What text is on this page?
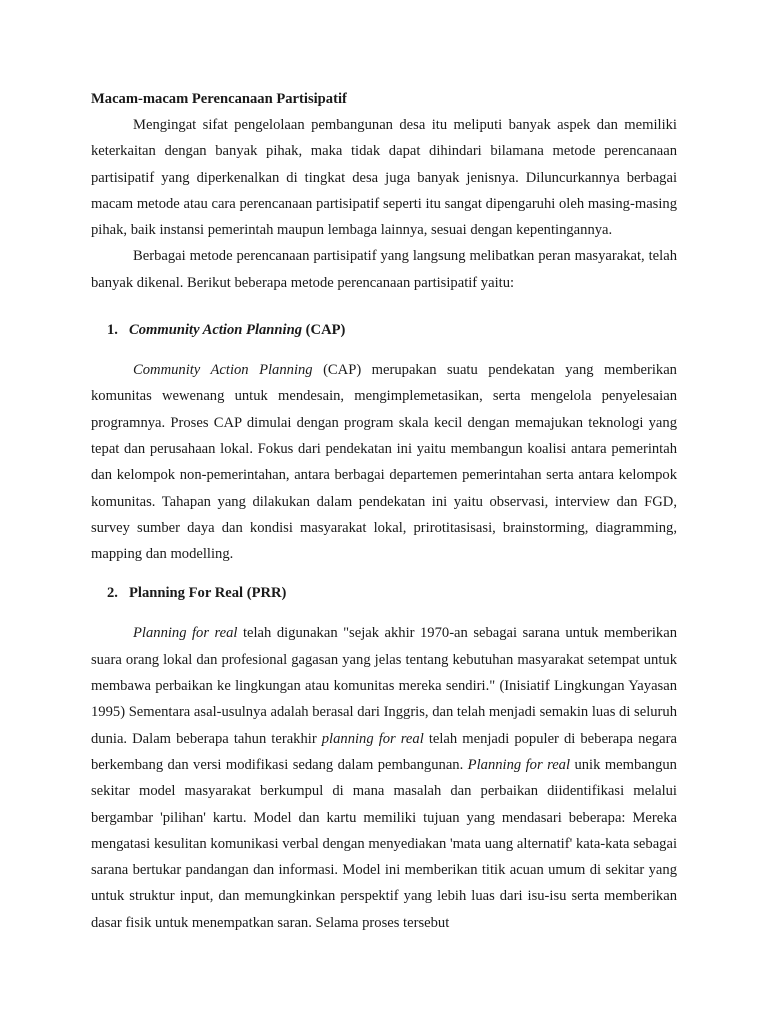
Macam-macam Perencanaan Partisipatif

Mengingat sifat pengelolaan pembangunan desa itu meliputi banyak aspek dan memiliki keterkaitan dengan banyak pihak, maka tidak dapat dihindari bilamana metode perencanaan partisipatif yang diperkenalkan di tingkat desa juga banyak jenisnya. Diluncurkannya berbagai macam metode atau cara perencanaan partisipatif seperti itu sangat dipengaruhi oleh masing-masing pihak, baik instansi pemerintah maupun lembaga lainnya, sesuai dengan kepentingannya.

Berbagai metode perencanaan partisipatif yang langsung melibatkan peran masyarakat, telah banyak dikenal. Berikut beberapa metode perencanaan partisipatif yaitu:

1. Community Action Planning (CAP)

Community Action Planning (CAP) merupakan suatu pendekatan yang memberikan komunitas wewenang untuk mendesain, mengimplemetasikan, serta mengelola penyelesaian programnya. Proses CAP dimulai dengan program skala kecil dengan memajukan teknologi yang tepat dan perusahaan lokal. Fokus dari pendekatan ini yaitu membangun koalisi antara pemerintah dan kelompok non-pemerintahan, antara berbagai departemen pemerintahan serta antara kelompok komunitas. Tahapan yang dilakukan dalam pendekatan ini yaitu observasi, interview dan FGD, survey sumber daya dan kondisi masyarakat lokal, prirotitasisasi, brainstorming, diagramming, mapping dan modelling.

2. Planning For Real (PRR)

Planning for real telah digunakan "sejak akhir 1970-an sebagai sarana untuk memberikan suara orang lokal dan profesional gagasan yang jelas tentang kebutuhan masyarakat setempat untuk membawa perbaikan ke lingkungan atau komunitas mereka sendiri." (Inisiatif Lingkungan Yayasan 1995) Sementara asal-usulnya adalah berasal dari Inggris, dan telah menjadi semakin luas di seluruh dunia. Dalam beberapa tahun terakhir planning for real telah menjadi populer di beberapa negara berkembang dan versi modifikasi sedang dalam pembangunan. Planning for real unik membangun sekitar model masyarakat berkumpul di mana masalah dan perbaikan diidentifikasi melalui bergambar 'pilihan' kartu. Model dan kartu memiliki tujuan yang mendasari beberapa: Mereka mengatasi kesulitan komunikasi verbal dengan menyediakan 'mata uang alternatif' kata-kata sebagai sarana bertukar pandangan dan informasi. Model ini memberikan titik acuan umum di sekitar yang untuk struktur input, dan memungkinkan perspektif yang lebih luas dari isu-isu serta memberikan dasar fisik untuk menempatkan saran. Selama proses tersebut
